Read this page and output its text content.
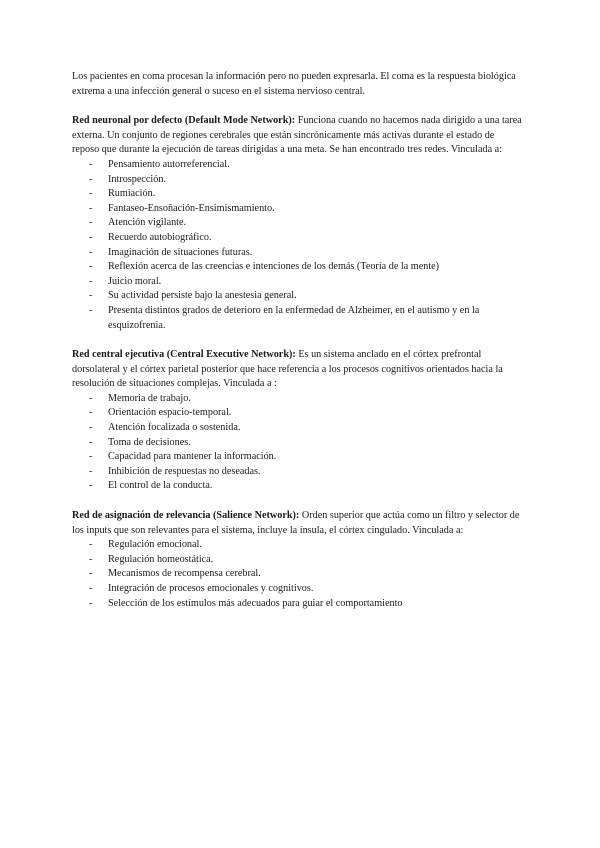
Los pacientes en coma procesan la información pero no pueden expresarla. El coma es la respuesta biológica extrema a una infección general o suceso en el sistema nervioso central.

Red neuronal por defecto (Default Mode Network): Funciona cuando no hacemos nada dirigido a una tarea externa. Un conjunto de regiones cerebrales que están sincrónicamente más activas durante el estado de reposo que durante la ejecución de tareas dirigidas a una meta. Se han encontrado tres redes. Vinculada a:

- Pensamiento autorreferencial.
- Introspección.
- Rumiación.
- Fantaseo-Ensoñación-Ensimismamiento.
- Atención vigilante.
- Recuerdo autobiográfico.
- Imaginación de situaciones futuras.
- Reflexión acerca de las creencias e intenciones de los demás (Teoría de la mente)
- Juicio moral.
- Su actividad persiste bajo la anestesia general.
- Presenta distintos grados de deterioro en la enfermedad de Alzheimer, en el autismo y en la esquizofrenia.

Red central ejecutiva (Central Executive Network): Es un sistema anclado en el córtex prefrontal dorsolateral y el córtex parietal posterior que hace referencia a los procesos cognitivos orientados hacia la resolución de situaciones complejas. Vinculada a :

- Memoria de trabajo.
- Orientación espacio-temporal.
- Atención focalizada o sostenida.
- Toma de decisiones.
- Capacidad para mantener la información.
- Inhibición de respuestas no deseadas.
- El control de la conducta.

Red de asignación de relevancia (Salience Network): Orden superior que actúa como un filtro y selector de los inputs que son relevantes para el sistema, incluye la ínsula, el córtex cingulado. Vinculada a:

- Regulación emocional.
- Regulación homeostática.
- Mecanismos de recompensa cerebral.
- Integración de procesos emocionales y cognitivos.
- Selección de los estímulos más adecuados para guiar el comportamiento
